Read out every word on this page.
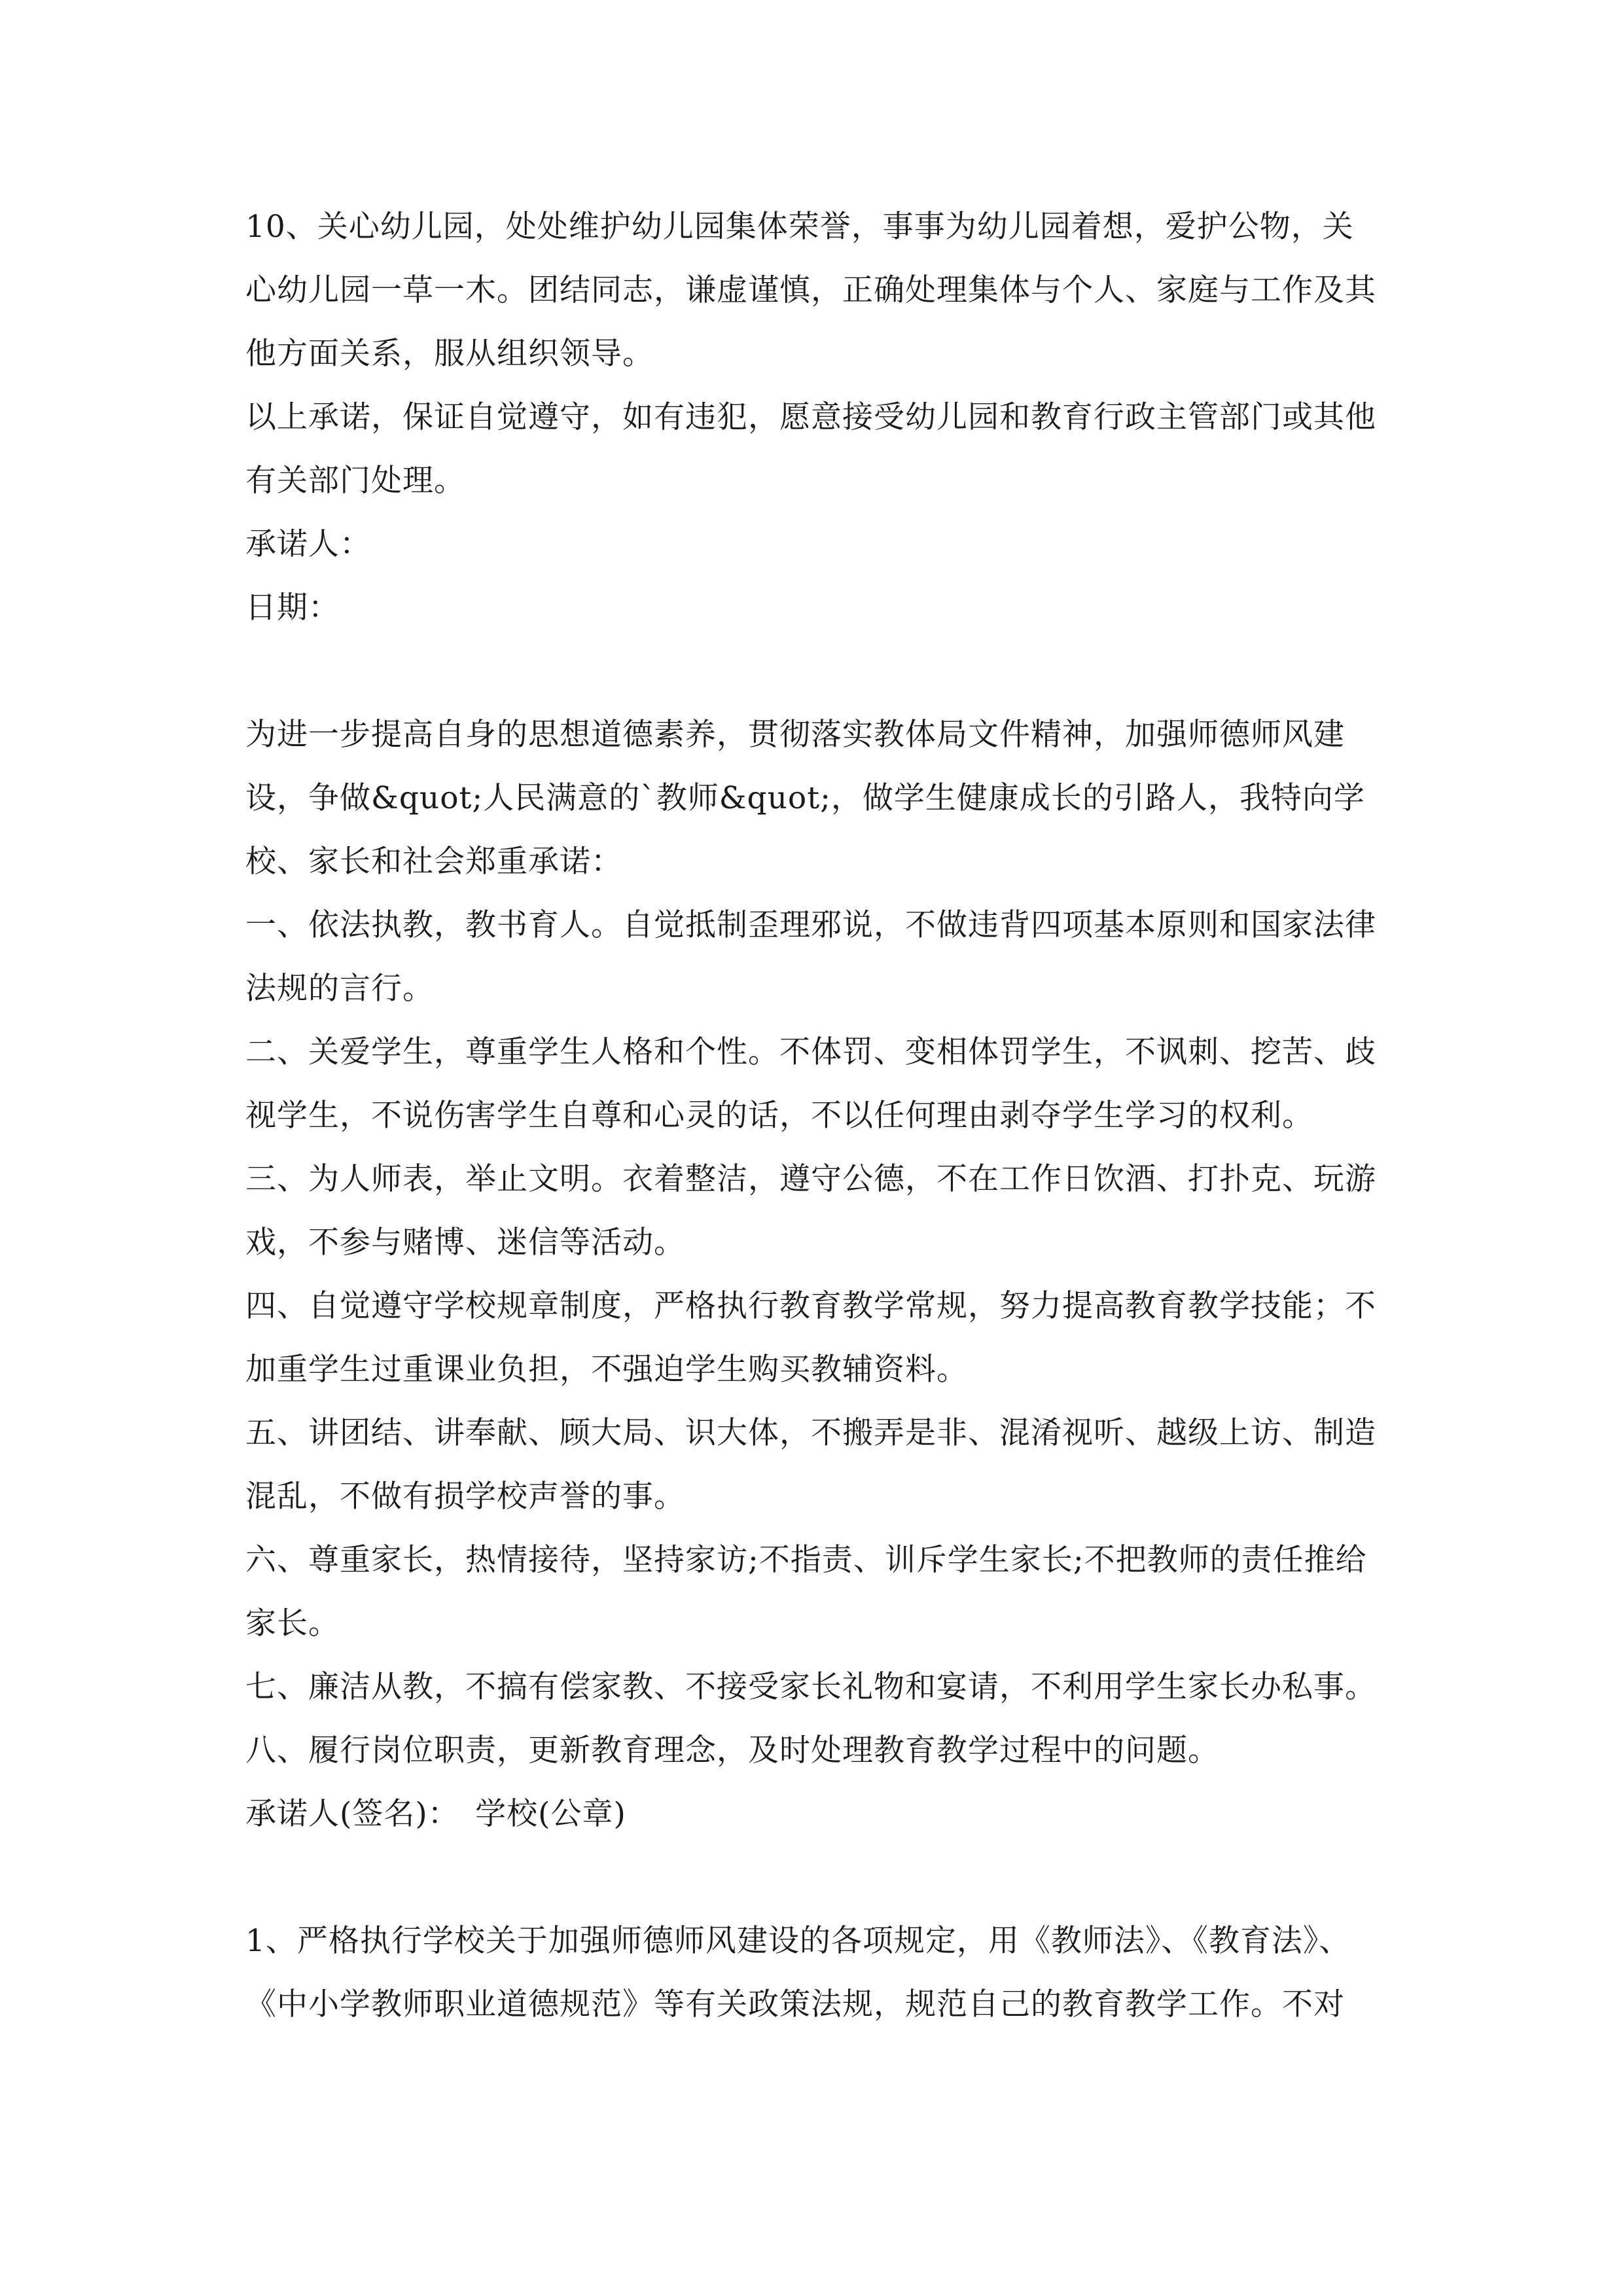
10、关心幼儿园，处处维护幼儿园集体荣誉，事事为幼儿园着想，爱护公物，关心幼儿园一草一木。团结同志，谦虚谨慎，正确处理集体与个人、家庭与工作及其他方面关系，服从组织领导。

以上承诺，保证自觉遵守，如有违犯，愿意接受幼儿园和教育行政主管部门或其他有关部门处理。

承诺人：

日期：

为进一步提高自身的思想道德素养，贯彻落实教体局文件精神，加强师德师风建设，争做&quot;人民满意的`教师&quot;，做学生健康成长的引路人，我特向学校、家长和社会郑重承诺：

一、依法执教，教书育人。自觉抵制歪理邪说，不做违背四项基本原则和国家法律法规的言行。

二、关爱学生，尊重学生人格和个性。不体罚、变相体罚学生，不讽刺、挖苦、歧视学生，不说伤害学生自尊和心灵的话，不以任何理由剥夺学生学习的权利。

三、为人师表，举止文明。衣着整洁，遵守公德，不在工作日饮酒、打扑克、玩游戏，不参与赌博、迷信等活动。

四、自觉遵守学校规章制度，严格执行教育教学常规，努力提高教育教学技能；不加重学生过重课业负担，不强迫学生购买教辅资料。

五、讲团结、讲奉献、顾大局、识大体，不搬弄是非、混淆视听、越级上访、制造混乱，不做有损学校声誉的事。

六、尊重家长，热情接待，坚持家访;不指责、训斥学生家长;不把教师的责任推给家长。

七、廉洁从教，不搞有偿家教、不接受家长礼物和宴请，不利用学生家长办私事。

八、履行岗位职责，更新教育理念，及时处理教育教学过程中的问题。

承诺人(签名)：　学校(公章)

1、严格执行学校关于加强师德师风建设的各项规定，用《教师法》、《教育法》、《中小学教师职业道德规范》等有关政策法规，规范自己的教育教学工作。不对
